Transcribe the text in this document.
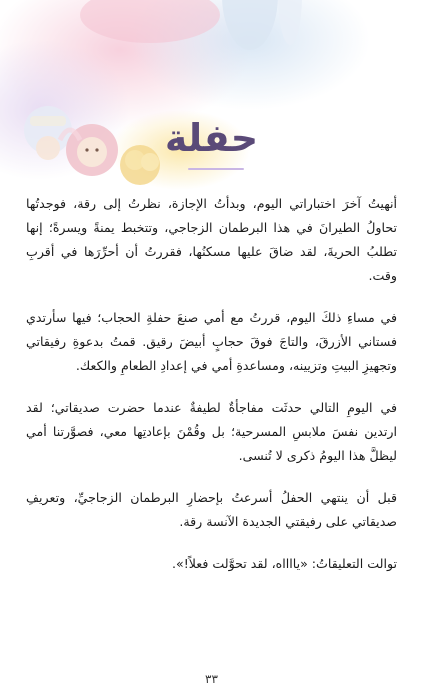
حفلة

أنهيتُ آخرَ اختباراتي اليوم، وبدأتُ الإجازة، نظرتُ إلى رقة، فوجدتُها تحاولُ الطيرانَ في هذا البرطمان الزجاجي، وتتخبط يمنةً ويسرةً؛ إنها تطلبُ الحريةَ، لقد ضاقَ عليها مسكنُها، فقررتُ أن أحرِّرَها في أقربِ وقت.

في مساءِ ذلكَ اليوم، قررتُ مع أمي صنعَ حفلةِ الحجاب؛ فيها سأرتدي فستاني الأزرقَ، والتاجَ فوقَ حجابٍ أبيضَ رقيق. قمتُ بدعوةِ رفيقاتي وتجهيزِ البيتِ وتزيينه، ومساعدةِ أمي في إعدادِ الطعامِ والكعك.

في اليومِ التالي حدثَت مفاجأةٌ لطيفةٌ عندما حضرت صديقاتي؛ لقد ارتدين نفسَ ملابسِ المسرحية؛ بل وقُمْنَ بإعادتِها معي، فصوَّرتنا أمي ليظلَّ هذا اليومُ ذكرى لا تُنسى.

قبل أن ينتهي الحفلُ أسرعتُ بإحضارِ البرطمان الزجاجيِّ، وتعريفِ صديقاتي على رفيقتي الجديدة الآنسة رقة.

توالت التعليقاتُ: «يااااه، لقد تحوَّلت فعلاً!».

٣٣
